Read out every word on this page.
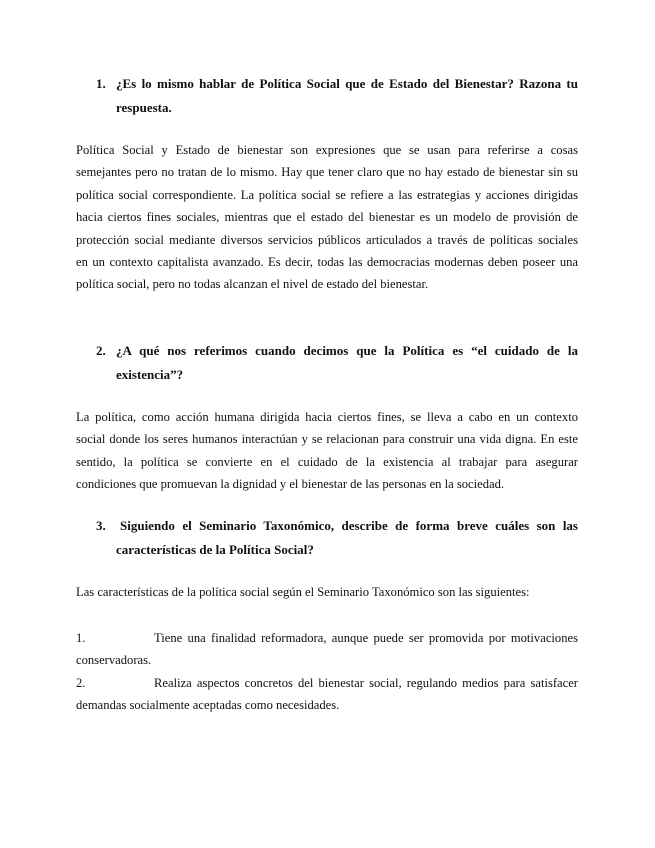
1. ¿Es lo mismo hablar de Política Social que de Estado del Bienestar? Razona tu
respuesta.
Política Social y Estado de bienestar son expresiones que se usan para referirse a cosas
semejantes pero no tratan de lo mismo. Hay que tener claro que no hay estado de bienestar sin su
política social correspondiente. La política social se refiere a las estrategias y acciones dirigidas
hacia ciertos fines sociales, mientras que el estado del bienestar es un modelo de provisión de
protección social mediante diversos servicios públicos articulados a través de políticas sociales
en un contexto capitalista avanzado. Es decir, todas las democracias modernas deben poseer una
política social, pero no todas alcanzan el nivel de estado del bienestar.
2. ¿A qué nos referimos cuando decimos que la Política es “el cuidado de la
existencia”?
La política, como acción humana dirigida hacia ciertos fines, se lleva a cabo en un contexto
social donde los seres humanos interactúan y se relacionan para construir una vida digna. En este
sentido, la política se convierte en el cuidado de la existencia al trabajar para asegurar
condiciones que promuevan la dignidad y el bienestar de las personas en la sociedad.
3.	Siguiendo el Seminario Taxonómico, describe de forma breve cuáles son las
características de la Política Social?
Las características de la política social según el Seminario Taxonómico son las siguientes:
1.	Tiene una finalidad reformadora, aunque puede ser promovida por motivaciones
conservadoras.
2.	Realiza aspectos concretos del bienestar social, regulando medios para satisfacer
demandas socialmente aceptadas como necesidades.
